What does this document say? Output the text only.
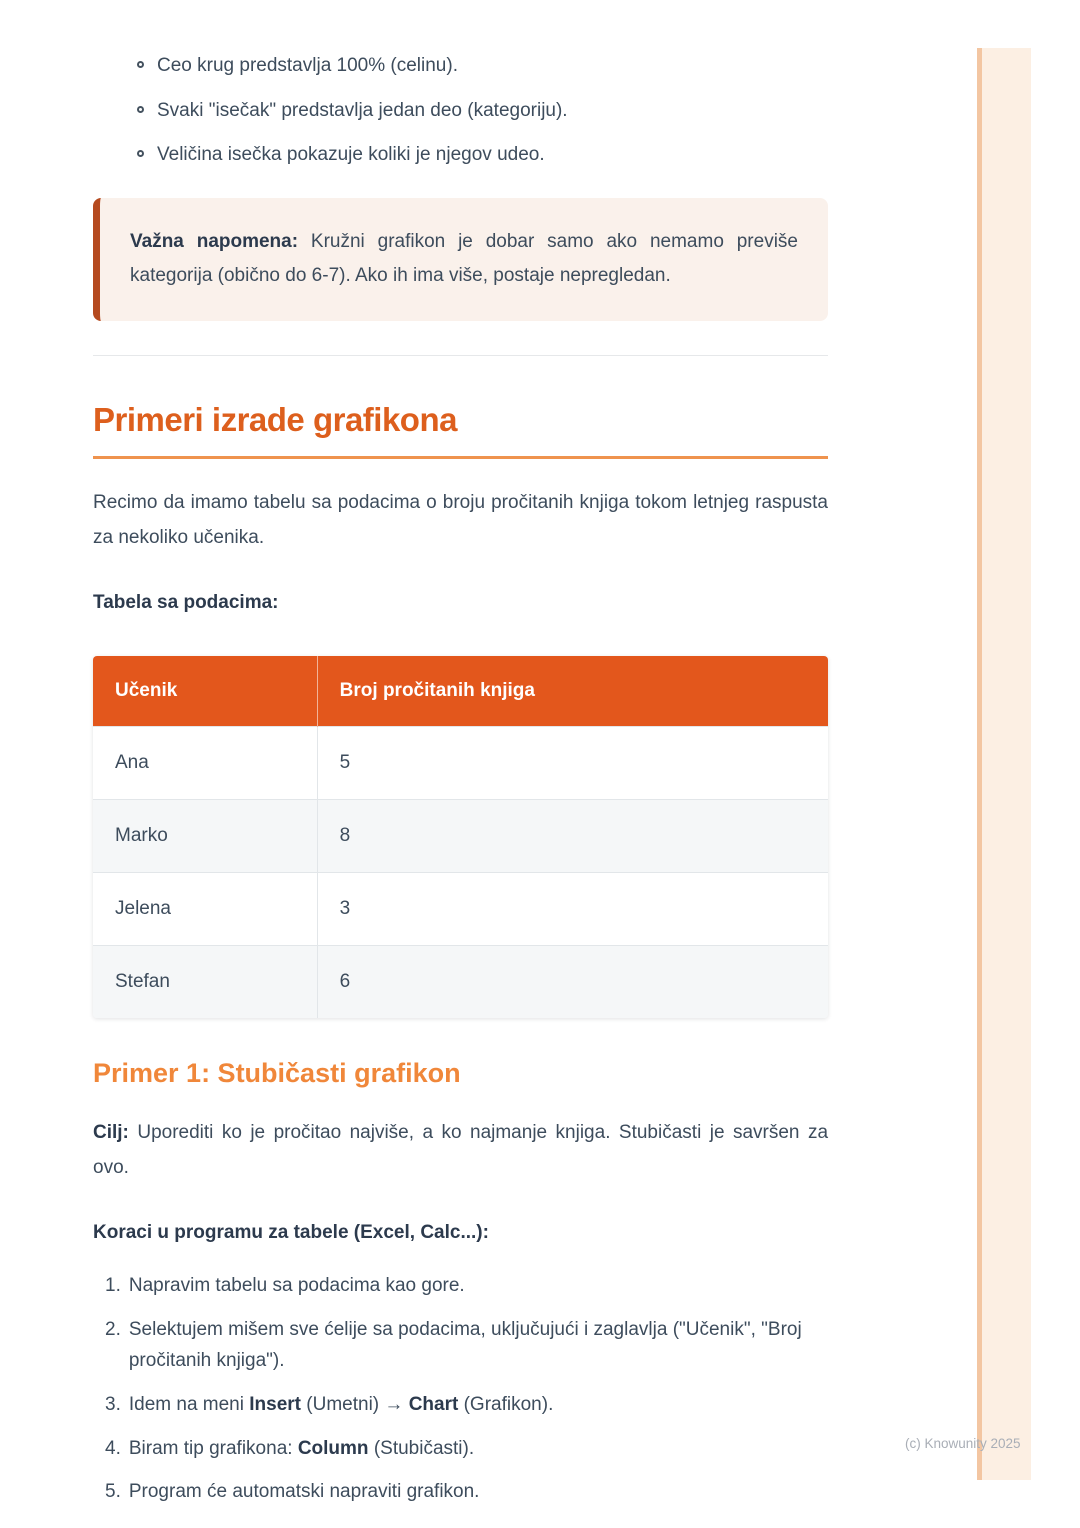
Ceo krug predstavlja 100% (celinu).
Svaki "isečak" predstavlja jedan deo (kategoriju).
Veličina isečka pokazuje koliki je njegov udeo.
Važna napomena: Kružni grafikon je dobar samo ako nemamo previše kategorija (obično do 6-7). Ako ih ima više, postaje nepregledan.
Primeri izrade grafikona

Recimo da imamo tabelu sa podacima o broju pročitanih knjiga tokom letnjeg raspusta za nekoliko učenika.

Tabela sa podacima:
Učenik	Broj pročitanih knjiga
Ana	5
Marko	8
Jelena	3
Stefan	6
Primer 1: Stubičasti grafikon

Cilj: Uporediti ko je pročitao najviše, a ko najmanje knjiga. Stubičasti je savršen za ovo.

Koraci u programu za tabele (Excel, Calc...):
1. Napravim tabelu sa podacima kao gore.
2. Selektujem mišem sve ćelije sa podacima, uključujući i zaglavlja ("Učenik", "Broj pročitanih knjiga").
3. Idem na meni Insert (Umetni) → Chart (Grafikon).
4. Biram tip grafikona: Column (Stubičasti).
5. Program će automatski napraviti grafikon.
(c) Knowunity 2025
